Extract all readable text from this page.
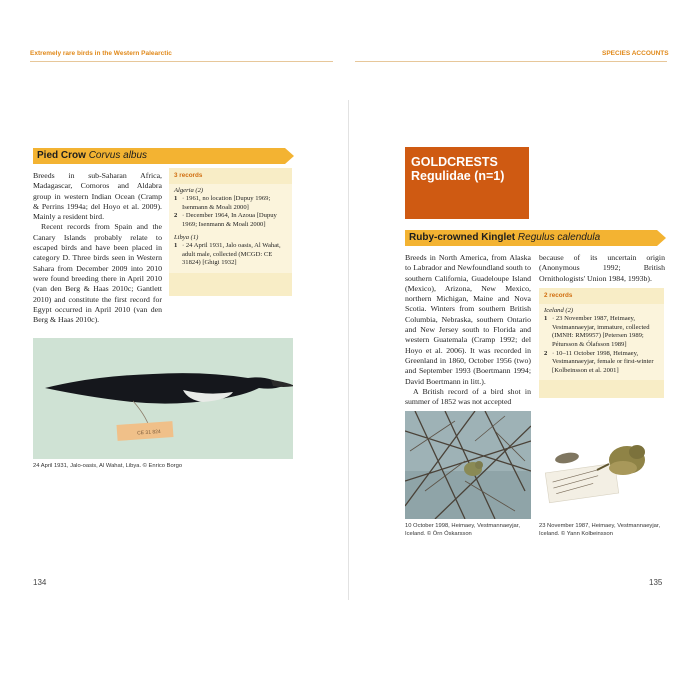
Extremely rare birds in the Western Palearctic
Pied Crow Corvus albus

Breeds in sub-Saharan Africa, Madagascar, Comoros and Aldabra group in western Indian Ocean (Cramp & Perrins 1994a; del Hoyo et al. 2009). Mainly a resident bird.

Recent records from Spain and the Canary Islands probably relate to escaped birds and have been placed in category D. Three birds seen in Western Sahara from December 2009 into 2010 were found breeding there in April 2010 (van den Berg & Haas 2010c; Gantlett 2010) and constitute the first record for Egypt occurred in April 2010 (van den Berg & Haas 2010c).

3 records
Algeria (2)
1 · 1961, no location [Dupuy 1969; Isenmann & Moali 2000]
2 · December 1964, In Azoua [Dupuy 1969; Isenmann & Moali 2000]
Libya (1)
1 · 24 April 1931, Jalo oasis, Al Wahat, adult male, collected (MCGD: CE 31824) [Ghigi 1932]
CE 31 824
24 April 1931, Jalo-oasis, Al Wahat, Libya. © Enrico Borgo
134
SPECIES ACCOUNTS
GOLDCRESTS
Regulidae (n=1)
Ruby-crowned Kinglet Regulus calendula

Breeds in North America, from Alaska to Labrador and Newfoundland south to southern California, Guadeloupe Island (Mexico), Arizona, New Mexico, northern Michigan, Maine and Nova Scotia. Winters from southern British Columbia, Nebraska, southern Ontario and New Jersey south to Florida and western Guatemala (Cramp 1992; del Hoyo et al. 2006). It was recorded in Greenland in 1860, October 1956 (two) and September 1993 (Boertmann 1994; David Boertmann in litt.).

A British record of a bird shot in summer of 1852 was not accepted

because of its uncertain origin (Anonymous 1992; British Ornithologists' Union 1984, 1993b).
2 records
Iceland (2)
1 · 23 November 1987, Heimaey, Vestmannaeyjar, immature, collected (IMNH: RM9957) [Petersen 1989; Pétursson & Ólafsson 1989]
2 · 10–11 October 1998, Heimaey, Vestmannaeyjar, female or first-winter [Kolbeinsson et al. 2001]
10 October 1998, Heimaey, Vestmannaeyjar, Iceland. © Örn Óskarsson
23 November 1987, Heimaey, Vestmannaeyjar, Iceland. © Yann Kolbeinsson
135
